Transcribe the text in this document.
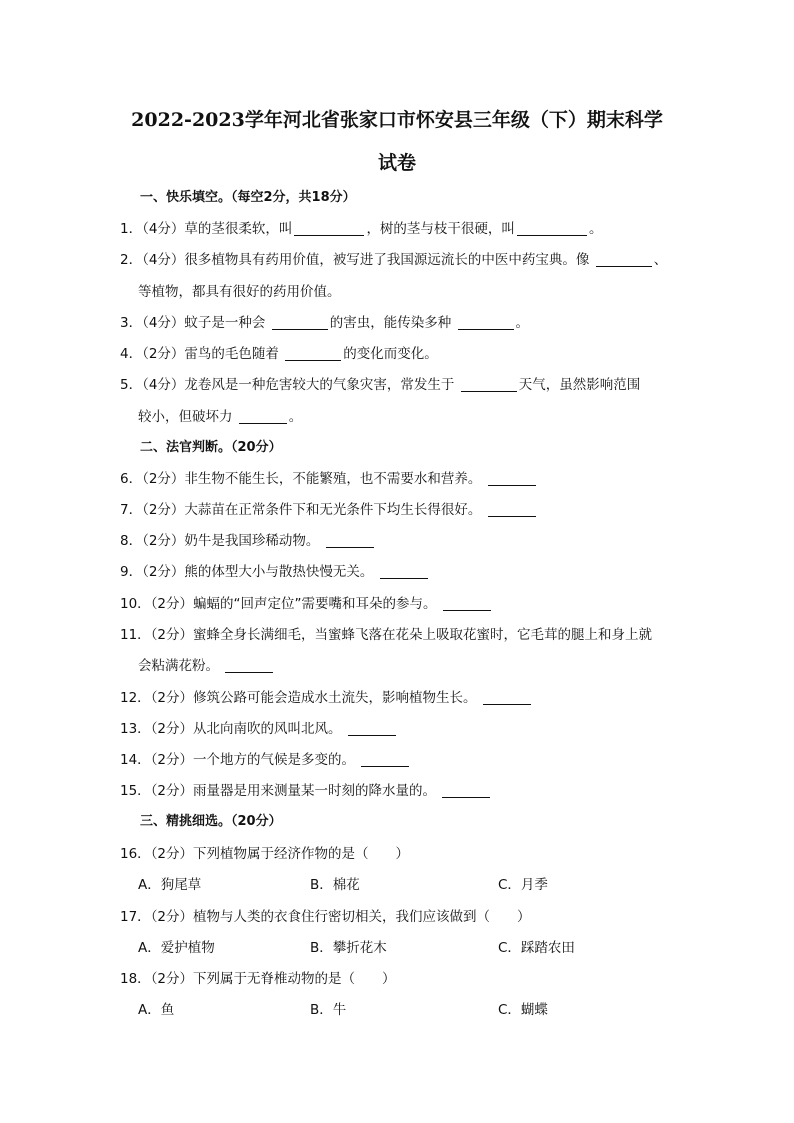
2022-2023学年河北省张家口市怀安县三年级（下）期末科学
试卷
一、快乐填空。（每空2分，共18分）
1．（4分）草的茎很柔软，叫	，树的茎与枝干很硬，叫	。
2．（4分）很多植物具有药用价值，被写进了我国源远流长的中医中药宝典。像	、
等植物，都具有很好的药用价值。
3．（4分）蚊子是一种会	的害虫，能传染多种	。
4．（2分）雷鸟的毛色随着	的变化而变化。
5．（4分）龙卷风是一种危害较大的气象灾害，常发生于	天气，虽然影响范围
较小，但破坏力	。
二、法官判断。（20分）
6．（2分）非生物不能生长，不能繁殖，也不需要水和营养。
7．（2分）大蒜苗在正常条件下和无光条件下均生长得很好。
8．（2分）奶牛是我国珍稀动物。
9．（2分）熊的体型大小与散热快慢无关。
10．（2分）蝙蝠的“回声定位”需要嘴和耳朵的参与。
11．（2分）蜜蜂全身长满细毛，当蜜蜂飞落在花朵上吸取花蜜时，它毛茸的腿上和身上就
会粘满花粉。
12．（2分）修筑公路可能会造成水土流失，影响植物生长。
13．（2分）从北向南吹的风叫北风。
14．（2分）一个地方的气候是多变的。
15．（2分）雨量器是用来测量某一时刻的降水量的。
三、精挑细选。（20分）
16．（2分）下列植物属于经济作物的是（　　）
A．狗尾草	B．棉花	C．月季
17．（2分）植物与人类的衣食住行密切相关，我们应该做到（　　）
A．爱护植物	B．攀折花木	C．踩踏农田
18．（2分）下列属于无脊椎动物的是（　　）
A．鱼	B．牛	C．蝴蝶
